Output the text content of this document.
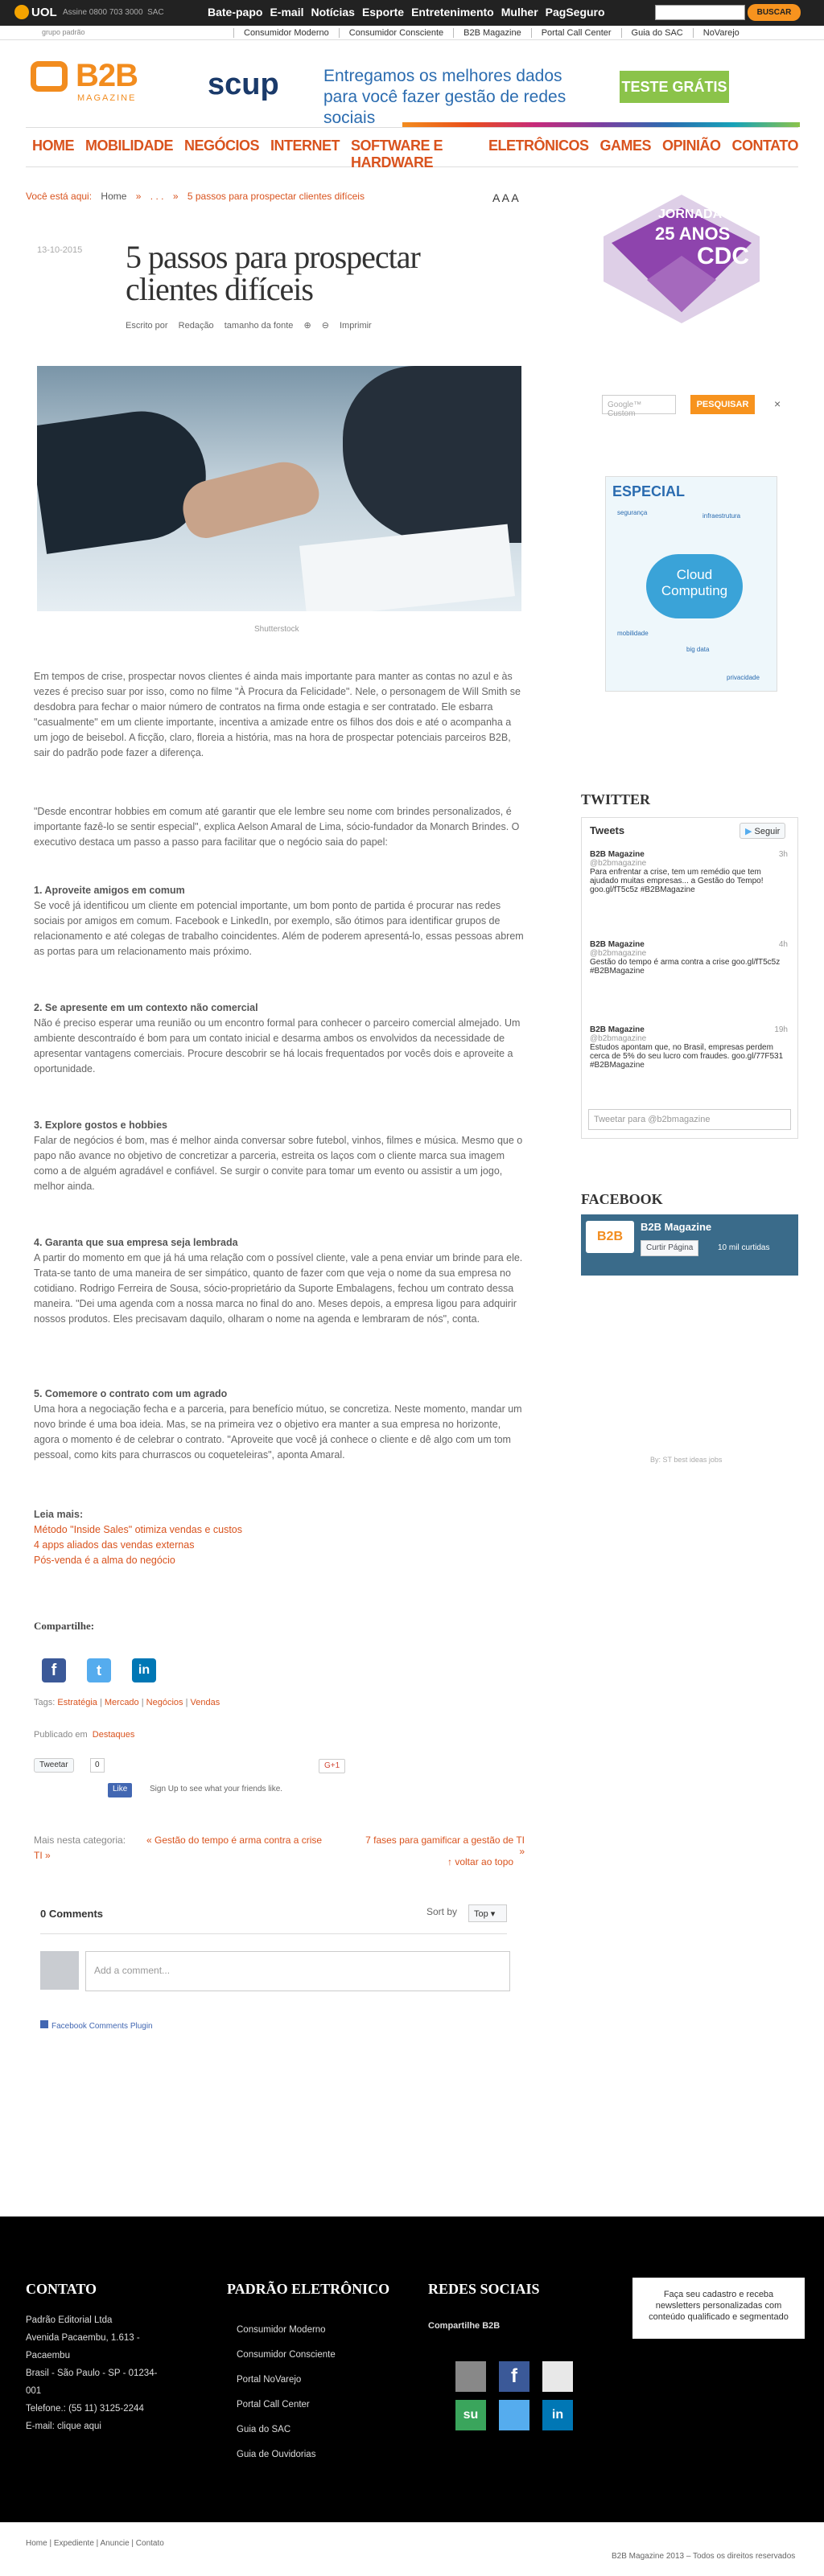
UOL Assine 0800 703 3000 SAC	Bate-papo E-mail Notícias Esporte Entretenimento Mulher PagSeguro	BUSCAR
grupo padrão	Consumidor Moderno	Consumidor Consciente	B2B Magazine	Portal Call Center	Guia do SAC	NoVarejo
B2B
MAGAZINE scup	Entregamos os melhores dados para você fazer gestão de redes sociais
TESTE GRÁTIS
HOME MOBILIDADE NEGÓCIOS INTERNET SOFTWARE E HARDWARE
ELETRÔNICOS GAMES OPINIÃO CONTATO
Você está aqui: Home » . . . » 5 passos para prospectar clientes difíceis	A A A
13-10-2015 5 passos para prospectar clientes difíceis
Escrito por Redação tamanho da fonte ⊕ ⊖ Imprimir
Shutterstock

Em tempos de crise, prospectar novos clientes é ainda mais importante para manter as contas no azul e às vezes é preciso suar por isso, como no filme "À Procura da Felicidade". Nele, o personagem de Will Smith se desdobra para fechar o maior número de contratos na firma onde estagia e ser contratado. Ele esbarra "casualmente" em um cliente importante, incentiva a amizade entre os filhos dos dois e até o acompanha a um jogo de beisebol. A ficção, claro, floreia a história, mas na hora de prospectar potenciais parceiros B2B, sair do padrão pode fazer a diferença.

"Desde encontrar hobbies em comum até garantir que ele lembre seu nome com brindes personalizados, é importante fazê-lo se sentir especial", explica Aelson Amaral de Lima, sócio-fundador da Monarch Brindes. O executivo destaca um passo a passo para facilitar que o negócio saia do papel:

1. Aproveite amigos em comum

Se você já identificou um cliente em potencial importante, um bom ponto de partida é procurar nas redes sociais por amigos em comum. Facebook e LinkedIn, por exemplo, são ótimos para identificar grupos de relacionamento e até colegas de trabalho coincidentes. Além de poderem apresentá-lo, essas pessoas abrem as portas para um relacionamento mais próximo.

2. Se apresente em um contexto não comercial

Não é preciso esperar uma reunião ou um encontro formal para conhecer o parceiro comercial almejado. Um ambiente descontraído é bom para um contato inicial e desarma ambos os envolvidos da necessidade de apresentar vantagens comerciais. Procure descobrir se há locais frequentados por vocês dois e aproveite a oportunidade.

3. Explore gostos e hobbies

Falar de negócios é bom, mas é melhor ainda conversar sobre futebol, vinhos, filmes e música. Mesmo que o papo não avance no objetivo de concretizar a parceria, estreita os laços com o cliente marca sua imagem como a de alguém agradável e confiável. Se surgir o convite para tomar um evento ou assistir a um jogo, melhor ainda.

4. Garanta que sua empresa seja lembrada

A partir do momento em que já há uma relação com o possível cliente, vale a pena enviar um brinde para ele. Trata-se tanto de uma maneira de ser simpático, quanto de fazer com que veja o nome da sua empresa no cotidiano. Rodrigo Ferreira de Sousa, sócio-proprietário da Suporte Embalagens, fechou um contrato dessa maneira. "Dei uma agenda com a nossa marca no final do ano. Meses depois, a empresa ligou para adquirir nossos produtos. Eles precisavam daquilo, olharam o nome na agenda e lembraram de nós", conta.

5. Comemore o contrato com um agrado

Uma hora a negociação fecha e a parceria, para benefício mútuo, se concretiza. Neste momento, mandar um novo brinde é uma boa ideia. Mas, se na primeira vez o objetivo era manter a sua empresa no horizonte, agora o momento é de celebrar o contrato. "Aproveite que você já conhece o cliente e dê algo com um tom pessoal, como kits para churrascos ou coqueteleiras", aponta Amaral.

Leia mais:
Método "Inside Sales" otimiza vendas e custos
4 apps aliados das vendas externas
Pós-venda é a alma do negócio
Compartilhe:
f	t	in
Tags: Estratégia | Mercado | Negócios | Vendas
Publicado em Destaques
Tweetar	0	G+1
Like	Sign Up to see what your friends like.
Mais nesta categoria: « Gestão do tempo é arma contra a crise	7 fases para gamificar a gestão de TI »
TI »
↑ voltar ao topo
0 Comments	Sort by	Top ▾
Add a comment...
Facebook Comments Plugin
JORNADA
25 ANOS
CDC
Google™ Custom
PESQUISAR	×
ESPECIAL
Cloud Computing
segurança	infraestrutura
big data
mobilidade
privacidade
TWITTER
Tweets	▶ Seguir
B2B Magazine	3h

@b2bmagazine
Para enfrentar a crise, tem um remédio que tem ajudado muitas empresas... a Gestão do Tempo! goo.gl/fT5c5z #B2BMagazine
B2B Magazine	4h

@b2bmagazine
Gestão do tempo é arma contra a crise goo.gl/fT5c5z #B2BMagazine
B2B Magazine	19h

@b2bmagazine
Estudos apontam que, no Brasil, empresas perdem cerca de 5% do seu lucro com fraudes. goo.gl/77F531 #B2BMagazine
Tweetar para @b2bmagazine
FACEBOOK
B2B
B2B Magazine
Curtir Página	10 mil curtidas
By: ST best ideas jobs
CONTATO
Padrão Editorial Ltda
Avenida Pacaembu, 1.613 - Pacaembu
Brasil - São Paulo - SP - 01234-001
Telefone.: (55 11) 3125-2244
E-mail: clique aqui
PADRÃO ELETRÔNICO
Consumidor Moderno
Consumidor Consciente
Portal NoVarejo
Portal Call Center
Guia do SAC
Guia de Ouvidorias
REDES SOCIAIS
Compartilhe B2B
f
su	in
Faça seu cadastro e receba newsletters personalizadas com conteúdo qualificado e segmentado
Home | Expediente | Anuncie | Contato
B2B Magazine 2013 – Todos os direitos reservados
